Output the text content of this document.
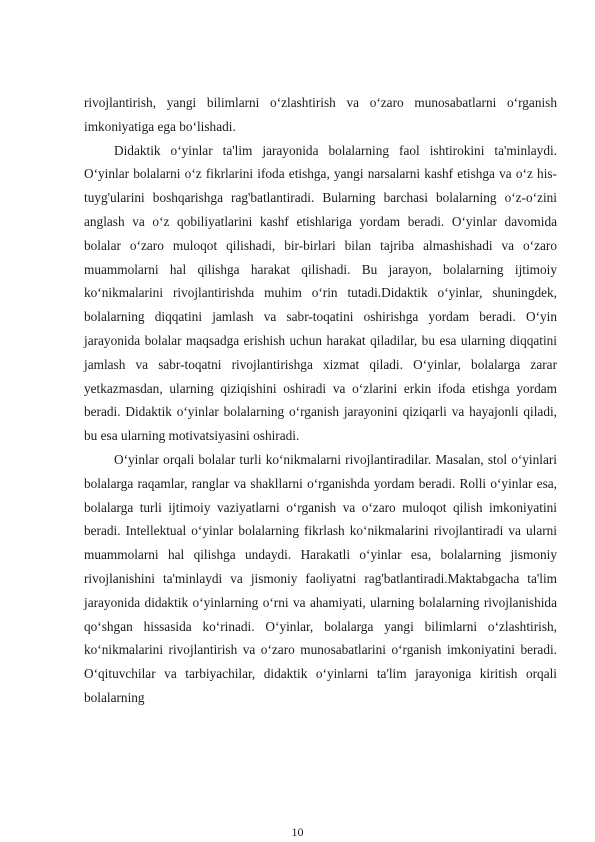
rivojlantirish, yangi bilimlarni o‘zlashtirish va o‘zaro munosabatlarni o‘rganish imkoniyatiga ega bo‘lishadi.

Didaktik o‘yinlar ta'lim jarayonida bolalarning faol ishtirokini ta'minlaydi. O‘yinlar bolalarni o‘z fikrlarini ifoda etishga, yangi narsalarni kashf etishga va o‘z his-tuyg'ularini boshqarishga rag'batlantiradi. Bularning barchasi bolalarning o‘z-o‘zini anglash va o‘z qobiliyatlarini kashf etishlariga yordam beradi. O‘yinlar davomida bolalar o‘zaro muloqot qilishadi, bir-birlari bilan tajriba almashishadi va o‘zaro muammolarni hal qilishga harakat qilishadi. Bu jarayon, bolalarning ijtimoiy ko‘nikmalarini rivojlantirishda muhim o‘rin tutadi.Didaktik o‘yinlar, shuningdek, bolalarning diqqatini jamlash va sabr-toqatini oshirishga yordam beradi. O‘yin jarayonida bolalar maqsadga erishish uchun harakat qiladilar, bu esa ularning diqqatini jamlash va sabr-toqatni rivojlantirishga xizmat qiladi. O‘yinlar, bolalarga zarar yetkazmasdan, ularning qiziqishini oshiradi va o‘zlarini erkin ifoda etishga yordam beradi. Didaktik o‘yinlar bolalarning o‘rganish jarayonini qiziqarli va hayajonli qiladi, bu esa ularning motivatsiyasini oshiradi.

O‘yinlar orqali bolalar turli ko‘nikmalarni rivojlantiradilar. Masalan, stol o‘yinlari bolalarga raqamlar, ranglar va shakllarni o‘rganishda yordam beradi. Rolli o‘yinlar esa, bolalarga turli ijtimoiy vaziyatlarni o‘rganish va o‘zaro muloqot qilish imkoniyatini beradi. Intellektual o‘yinlar bolalarning fikrlash ko‘nikmalarini rivojlantiradi va ularni muammolarni hal qilishga undaydi. Harakatli o‘yinlar esa, bolalarning jismoniy rivojlanishini ta'minlaydi va jismoniy faoliyatni rag'batlantiradi.Maktabgacha ta'lim jarayonida didaktik o‘yinlarning o‘rni va ahamiyati, ularning bolalarning rivojlanishida qo‘shgan hissasida ko‘rinadi. O‘yinlar, bolalarga yangi bilimlarni o‘zlashtirish, ko‘nikmalarini rivojlantirish va o‘zaro munosabatlarini o‘rganish imkoniyatini beradi. O‘qituvchilar va tarbiyachilar, didaktik o‘yinlarni ta'lim jarayoniga kiritish orqali bolalarning

10
